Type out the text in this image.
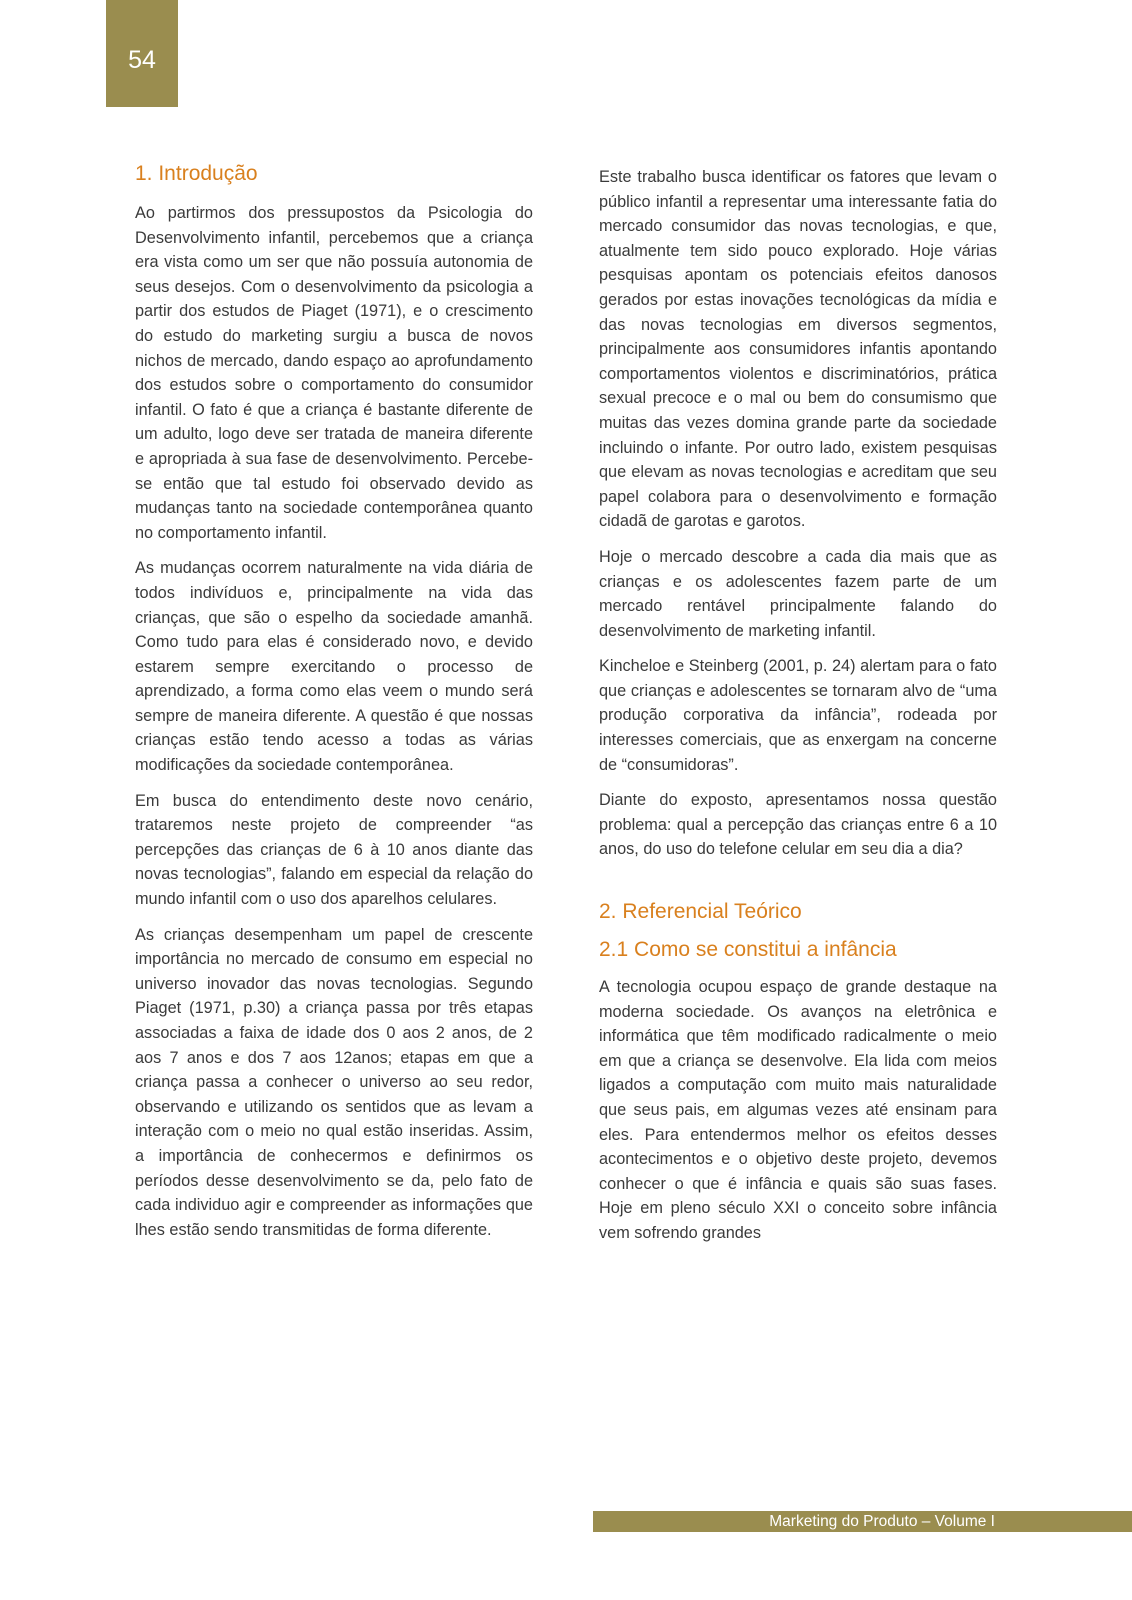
54
1. Introdução

Ao partirmos dos pressupostos da Psicologia do Desenvolvimento infantil, percebemos que a criança era vista como um ser que não possuía autonomia de seus desejos. Com o desenvolvimento da psicologia a partir dos estudos de Piaget (1971), e o crescimento do estudo do marketing surgiu a busca de novos nichos de mercado, dando espaço ao aprofundamento dos estudos sobre o comportamento do consumidor infantil. O fato é que a criança é bastante diferente de um adulto, logo deve ser tratada de maneira diferente e apropriada à sua fase de desenvolvimento. Percebe-se então que tal estudo foi observado devido as mudanças tanto na sociedade contemporânea quanto no comportamento infantil.

As mudanças ocorrem naturalmente na vida diária de todos indivíduos e, principalmente na vida das crianças, que são o espelho da sociedade amanhã. Como tudo para elas é considerado novo, e devido estarem sempre exercitando o processo de aprendizado, a forma como elas veem o mundo será sempre de maneira diferente. A questão é que nossas crianças estão tendo acesso a todas as várias modificações da sociedade contemporânea.

Em busca do entendimento deste novo cenário, trataremos neste projeto de compreender “as percepções das crianças de 6 à 10 anos diante das novas tecnologias”, falando em especial da relação do mundo infantil com o uso dos aparelhos celulares.

As crianças desempenham um papel de crescente importância no mercado de consumo em especial no universo inovador das novas tecnologias. Segundo Piaget (1971, p.30) a criança passa por três etapas associadas a faixa de idade dos 0 aos 2 anos, de 2 aos 7 anos e dos 7 aos 12anos; etapas em que a criança passa a conhecer o universo ao seu redor, observando e utilizando os sentidos que as levam a interação com o meio no qual estão inseridas. Assim, a importância de conhecermos e definirmos os períodos desse desenvolvimento se da, pelo fato de cada individuo agir e compreender as informações que lhes estão sendo transmitidas de forma diferente.

Este trabalho busca identificar os fatores que levam o público infantil a representar uma interessante fatia do mercado consumidor das novas tecnologias, e que, atualmente tem sido pouco explorado. Hoje várias pesquisas apontam os potenciais efeitos danosos gerados por estas inovações tecnológicas da mídia e das novas tecnologias em diversos segmentos, principalmente aos consumidores infantis apontando comportamentos violentos e discriminatórios, prática sexual precoce e o mal ou bem do consumismo que muitas das vezes domina grande parte da sociedade incluindo o infante. Por outro lado, existem pesquisas que elevam as novas tecnologias e acreditam que seu papel colabora para o desenvolvimento e formação cidadã de garotas e garotos.

Hoje o mercado descobre a cada dia mais que as crianças e os adolescentes fazem parte de um mercado rentável principalmente falando do desenvolvimento de marketing infantil.

Kincheloe e Steinberg (2001, p. 24) alertam para o fato que crianças e adolescentes se tornaram alvo de “uma produção corporativa da infância”, rodeada por interesses comerciais, que as enxergam na concerne de “consumidoras”.

Diante do exposto, apresentamos nossa questão problema: qual a percepção das crianças entre 6 a 10 anos, do uso do telefone celular em seu dia a dia?

2. Referencial Teórico
2.1 Como se constitui a infância

A tecnologia ocupou espaço de grande destaque na moderna sociedade. Os avanços na eletrônica e informática que têm modificado radicalmente o meio em que a criança se desenvolve. Ela lida com meios ligados a computação com muito mais naturalidade que seus pais, em algumas vezes até ensinam para eles. Para entendermos melhor os efeitos desses acontecimentos e o objetivo deste projeto, devemos conhecer o que é infância e quais são suas fases. Hoje em pleno século XXI o conceito sobre infância vem sofrendo grandes

Marketing do Produto – Volume I
